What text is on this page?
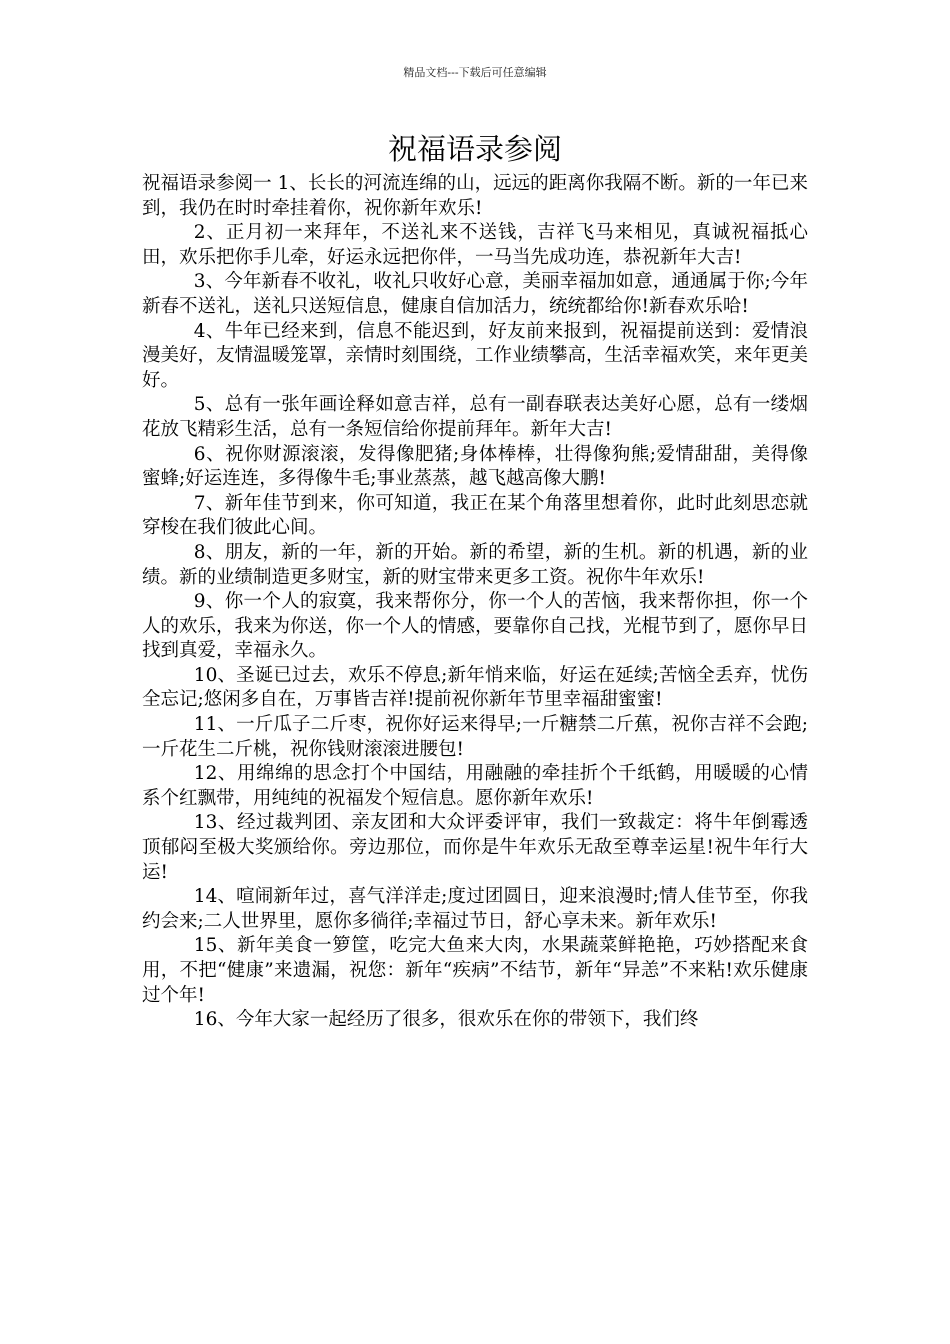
精品文档---下载后可任意编辑
祝福语录参阅

祝福语录参阅一 1、长长的河流连绵的山，远远的距离你我隔不断。新的一年已来到，我仍在时时牵挂着你，祝你新年欢乐!

2、正月初一来拜年，不送礼来不送钱，吉祥飞马来相见，真诚祝福抵心田，欢乐把你手儿牵，好运永远把你伴，一马当先成功连，恭祝新年大吉!

3、今年新春不收礼，收礼只收好心意，美丽幸福加如意，通通属于你;今年新春不送礼，送礼只送短信息，健康自信加活力，统统都给你!新春欢乐哈!

4、牛年已经来到，信息不能迟到，好友前来报到，祝福提前送到：爱情浪漫美好，友情温暖笼罩，亲情时刻围绕，工作业绩攀高，生活幸福欢笑，来年更美好。

5、总有一张年画诠释如意吉祥，总有一副春联表达美好心愿，总有一缕烟花放飞精彩生活，总有一条短信给你提前拜年。新年大吉!

6、祝你财源滚滚，发得像肥猪;身体棒棒，壮得像狗熊;爱情甜甜，美得像蜜蜂;好运连连，多得像牛毛;事业蒸蒸，越飞越高像大鹏!

7、新年佳节到来，你可知道，我正在某个角落里想着你，此时此刻思恋就穿梭在我们彼此心间。

8、朋友，新的一年，新的开始。新的希望，新的生机。新的机遇，新的业绩。新的业绩制造更多财宝，新的财宝带来更多工资。祝你牛年欢乐!

9、你一个人的寂寞，我来帮你分，你一个人的苦恼，我来帮你担，你一个人的欢乐，我来为你送，你一个人的情感，要靠你自己找，光棍节到了，愿你早日找到真爱，幸福永久。

10、圣诞已过去，欢乐不停息;新年悄来临，好运在延续;苦恼全丢弃，忧伤全忘记;悠闲多自在，万事皆吉祥!提前祝你新年节里幸福甜蜜蜜!

11、一斤瓜子二斤枣，祝你好运来得早;一斤糖禁二斤蕉，祝你吉祥不会跑;一斤花生二斤桃，祝你钱财滚滚进腰包!

12、用绵绵的思念打个中国结，用融融的牵挂折个千纸鹤，用暖暖的心情系个红飘带，用纯纯的祝福发个短信息。愿你新年欢乐!

13、经过裁判团、亲友团和大众评委评审，我们一致裁定：将牛年倒霉透顶郁闷至极大奖颁给你。旁边那位，而你是牛年欢乐无敌至尊幸运星!祝牛年行大运!

14、喧闹新年过，喜气洋洋走;度过团圆日，迎来浪漫时;情人佳节至，你我约会来;二人世界里，愿你多徜徉;幸福过节日，舒心享未来。新年欢乐!

15、新年美食一箩筐，吃完大鱼来大肉，水果蔬菜鲜艳艳，巧妙搭配来食用，不把“健康”来遗漏，祝您：新年“疾病”不结节，新年“异恙”不来粘!欢乐健康过个年!

16、今年大家一起经历了很多，很欢乐在你的带领下，我们终
